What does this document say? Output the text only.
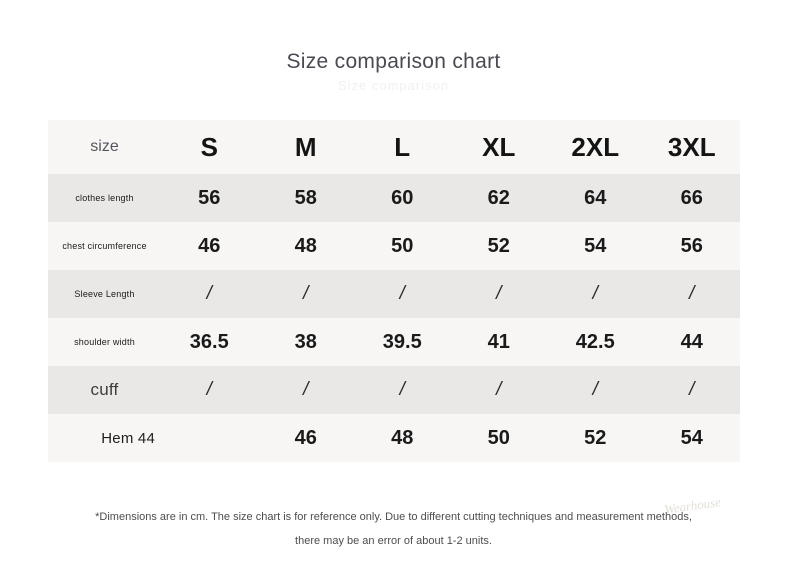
Size comparison
Size comparison chart
size	S	M	L	XL	2XL	3XL
clothes length	56	58	60	62	64	66
chest circumference	46	48	50	52	54	56
Sleeve Length	/	/	/	/	/	/
shoulder width	36.5	38	39.5	41	42.5	44
cuff	/	/	/	/	/	/
Hem 44		46	48	50	52	54
*Dimensions are in cm. The size chart is for reference only. Due to different cutting techniques and measurement methods,
there may be an error of about 1-2 units.
Wearhouse
